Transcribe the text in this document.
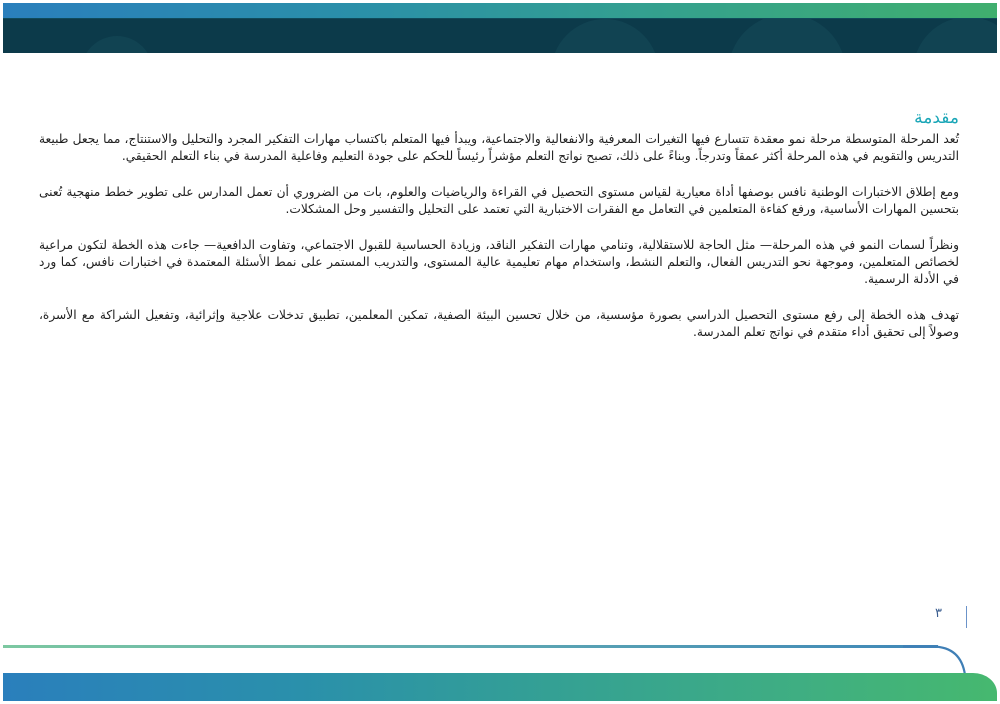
مقدمة

تُعد المرحلة المتوسطة مرحلة نمو معقدة تتسارع فيها التغيرات المعرفية والانفعالية والاجتماعية، ويبدأ فيها المتعلم باكتساب مهارات التفكير المجرد والتحليل والاستنتاج، مما يجعل طبيعة التدريس والتقويم في هذه المرحلة أكثر عمقاً وتدرجاً. وبناءً على ذلك، تصبح نواتج التعلم مؤشراً رئيساً للحكم على جودة التعليم وفاعلية المدرسة في بناء التعلم الحقيقي.

ومع إطلاق الاختبارات الوطنية نافس بوصفها أداة معيارية لقياس مستوى التحصيل في القراءة والرياضيات والعلوم، بات من الضروري أن تعمل المدارس على تطوير خطط منهجية تُعنى بتحسين المهارات الأساسية، ورفع كفاءة المتعلمين في التعامل مع الفقرات الاختبارية التي تعتمد على التحليل والتفسير وحل المشكلات.

ونظراً لسمات النمو في هذه المرحلة— مثل الحاجة للاستقلالية، وتنامي مهارات التفكير الناقد، وزيادة الحساسية للقبول الاجتماعي، وتفاوت الدافعية— جاءت هذه الخطة لتكون مراعية لخصائص المتعلمين، وموجهة نحو التدريس الفعال، والتعلم النشط، واستخدام مهام تعليمية عالية المستوى، والتدريب المستمر على نمط الأسئلة المعتمدة في اختبارات نافس، كما ورد في الأدلة الرسمية.

تهدف هذه الخطة إلى رفع مستوى التحصيل الدراسي بصورة مؤسسية، من خلال تحسين البيئة الصفية، تمكين المعلمين، تطبيق تدخلات علاجية وإثرائية، وتفعيل الشراكة مع الأسرة، وصولاً إلى تحقيق أداء متقدم في نواتج تعلم المدرسة.

٣
